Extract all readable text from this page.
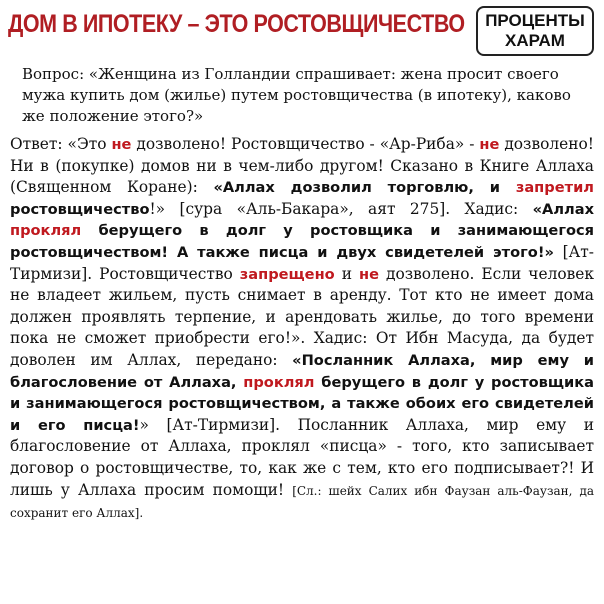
ДОМ В ИПОТЕКУ – ЭТО РОСТОВЩИЧЕСТВО	ПРОЦЕНТЫ
ХАРАМ
Вопрос: «Женщина из Голландии спрашивает: жена просит своего мужа купить дом (жилье) путем ростовщичества (в ипотеку), каково же положение этого?»
Ответ: «Это не дозволено! Ростовщичество - «Ар-Риба» - не дозволено! Ни в (покупке) домов ни в чем-либо другом! Сказано в Книге Аллаха (Священном Коране): «Аллах дозволил торговлю, и запретил ростовщичество!» [сура «Аль-Бакара», аят 275]. Хадис: «Аллах проклял берущего в долг у ростовщика и занимающегося ростовщичеством! А также писца и двух свидетелей этого!» [Ат-Тирмизи]. Ростовщичество запрещено и не дозволено. Если человек не владеет жильем, пусть снимает в аренду. Тот кто не имеет дома должен проявлять терпение, и арендовать жилье, до того времени пока не сможет приобрести его!». Хадис: От Ибн Масуда, да будет доволен им Аллах, передано: «Посланник Аллаха, мир ему и благословение от Аллаха, проклял берущего в долг у ростовщика и занимающегося ростовщичеством, а также обоих его свидетелей и его писца!» [Ат-Тирмизи]. Посланник Аллаха, мир ему и благословение от Аллаха, проклял «писца» - того, кто записывает договор о ростовщичестве, то, как же с тем, кто его подписывает?! И лишь у Аллаха просим помощи! [Сл.: шейх Салих ибн Фаузан аль-Фаузан, да сохранит его Аллах].
